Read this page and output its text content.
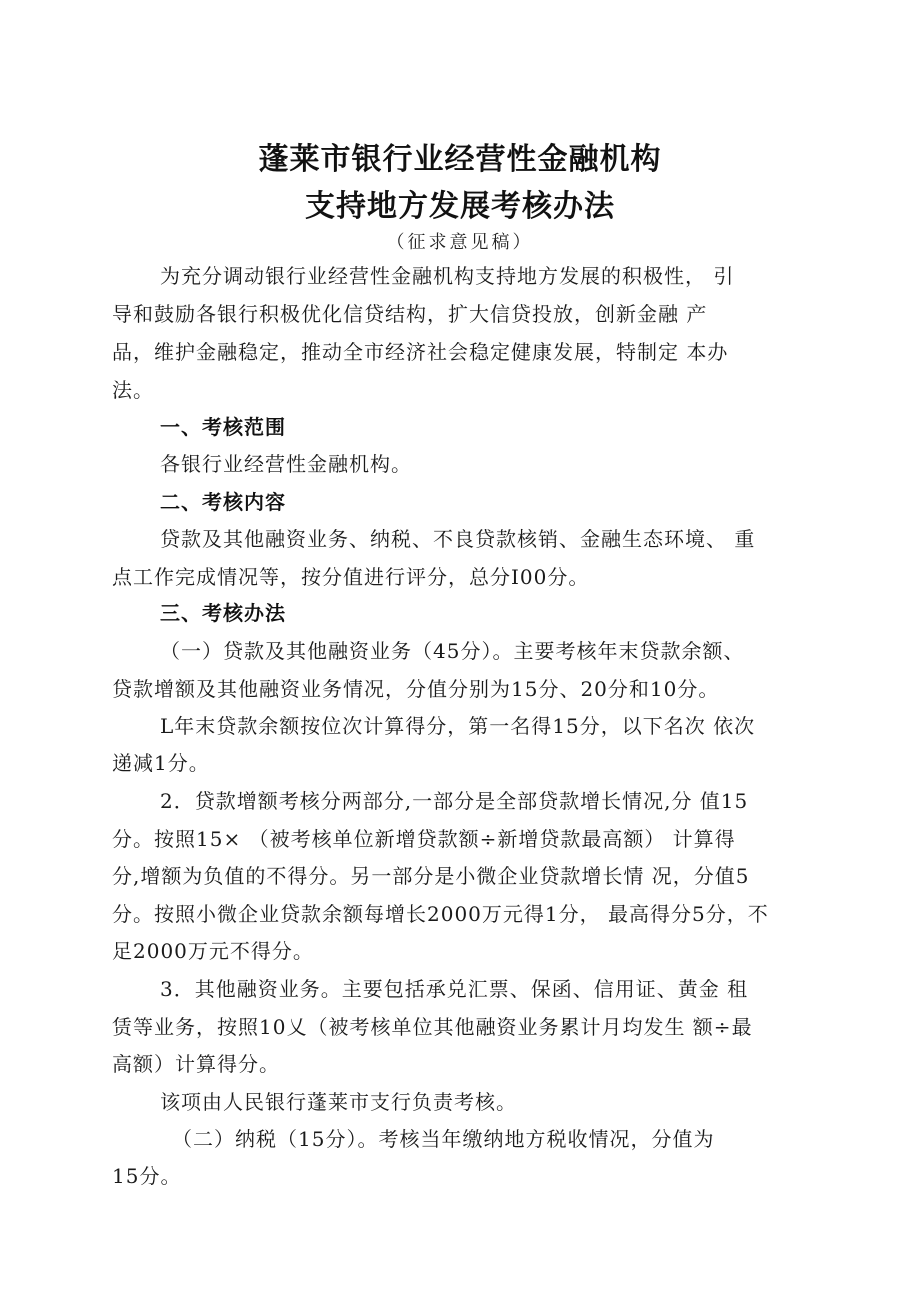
蓬莱市银行业经营性金融机构
支持地方发展考核办法
（征求意见稿）
为充分调动银行业经营性金融机构支持地方发展的积极性， 引
导和鼓励各银行积极优化信贷结构，扩大信贷投放，创新金融 产
品，维护金融稳定，推动全市经济社会稳定健康发展，特制定 本办
法。
一、考核范围
各银行业经营性金融机构。
二、考核内容
贷款及其他融资业务、纳税、不良贷款核销、金融生态环境、 重
点工作完成情况等，按分值进行评分，总分I00分。
三、考核办法
（一）贷款及其他融资业务（45分）。主要考核年末贷款余额、
贷款增额及其他融资业务情况，分值分别为15分、20分和10分。
L年末贷款余额按位次计算得分，第一名得15分，以下名次 依次
递减1分。
2．贷款增额考核分两部分,一部分是全部贷款增长情况,分 值15
分。按照15× （被考核单位新增贷款额÷新增贷款最高额） 计算得
分,增额为负值的不得分。另一部分是小微企业贷款增长情 况，分值5
分。按照小微企业贷款余额每增长2000万元得1分， 最高得分5分，不
足2000万元不得分。
3．其他融资业务。主要包括承兑汇票、保函、信用证、黄金 租
赁等业务，按照10乂（被考核单位其他融资业务累计月均发生 额÷最
高额）计算得分。
该项由人民银行蓬莱市支行负责考核。
（二）纳税（15分）。考核当年缴纳地方税收情况，分值为
15分。
